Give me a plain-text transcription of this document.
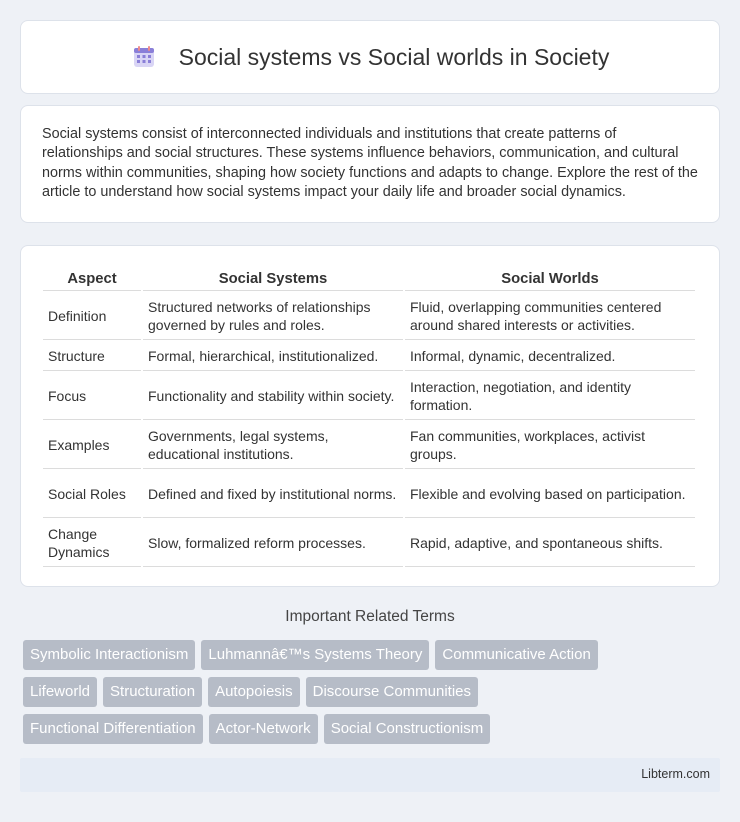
Social systems vs Social worlds in Society

Social systems consist of interconnected individuals and institutions that create patterns of relationships and social structures. These systems influence behaviors, communication, and cultural norms within communities, shaping how society functions and adapts to change. Explore the rest of the article to understand how social systems impact your daily life and broader social dynamics.

Aspect	Social Systems	Social Worlds
Definition	Structured networks of relationships governed by rules and roles.	Fluid, overlapping communities centered around shared interests or activities.
Structure	Formal, hierarchical, institutionalized.	Informal, dynamic, decentralized.
Focus	Functionality and stability within society.	Interaction, negotiation, and identity formation.
Examples	Governments, legal systems, educational institutions.	Fan communities, workplaces, activist groups.
Social Roles	Defined and fixed by institutional norms.	Flexible and evolving based on participation.
Change Dynamics	Slow, formalized reform processes.	Rapid, adaptive, and spontaneous shifts.
Important Related Terms
Symbolic Interactionism	Luhmannâ€™s Systems Theory	Communicative Action
Lifeworld	Structuration	Autopoiesis	Discourse Communities
Functional Differentiation	Actor-Network	Social Constructionism
Libterm.com
